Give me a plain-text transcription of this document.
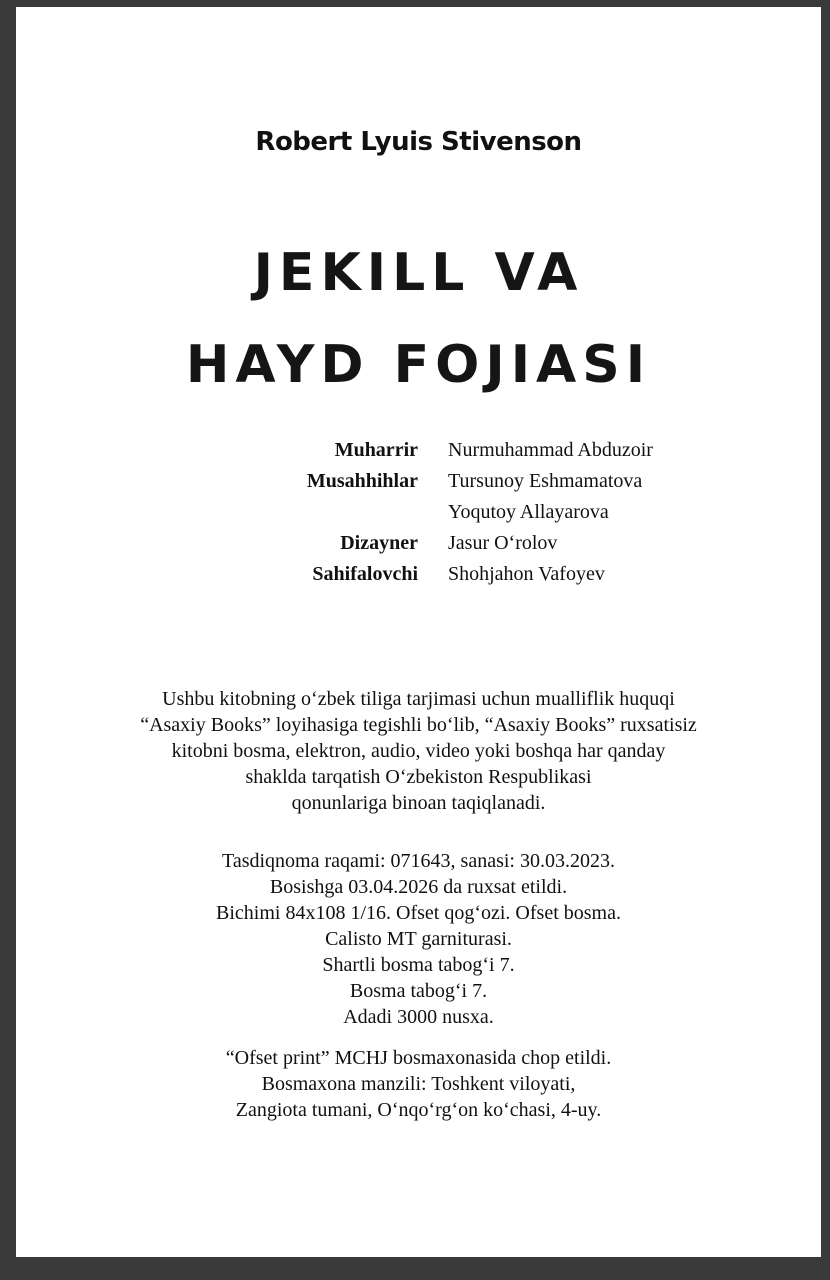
Robert Lyuis Stivenson
JEKILL VA
HAYD FOJIASI
Muharrir Nurmuhammad Abduzoir
Musahhihlar Tursunoy Eshmamatova
Yoqutoy Allayarova
Dizayner Jasur O‘rolov
Sahifalovchi Shohjahon Vafoyev
Ushbu kitobning o‘zbek tiliga tarjimasi uchun mualliflik huquqi
“Asaxiy Books” loyihasiga tegishli bo‘lib, “Asaxiy Books” ruxsatisiz
kitobni bosma, elektron, audio, video yoki boshqa har qanday
shaklda tarqatish O‘zbekiston Respublikasi
qonunlariga binoan taqiqlanadi.
Tasdiqnoma raqami: 071643, sanasi: 30.03.2023.
Bosishga 03.04.2026 da ruxsat etildi.
Bichimi 84x108 1/16. Ofset qog‘ozi. Ofset bosma.
Calisto MT garniturasi.
Shartli bosma tabog‘i 7.
Bosma tabog‘i 7.
Adadi 3000 nusxa.
“Ofset print” MCHJ bosmaxonasida chop etildi.
Bosmaxona manzili: Toshkent viloyati,
Zangiota tumani, O‘nqo‘rg‘on ko‘chasi, 4-uy.
